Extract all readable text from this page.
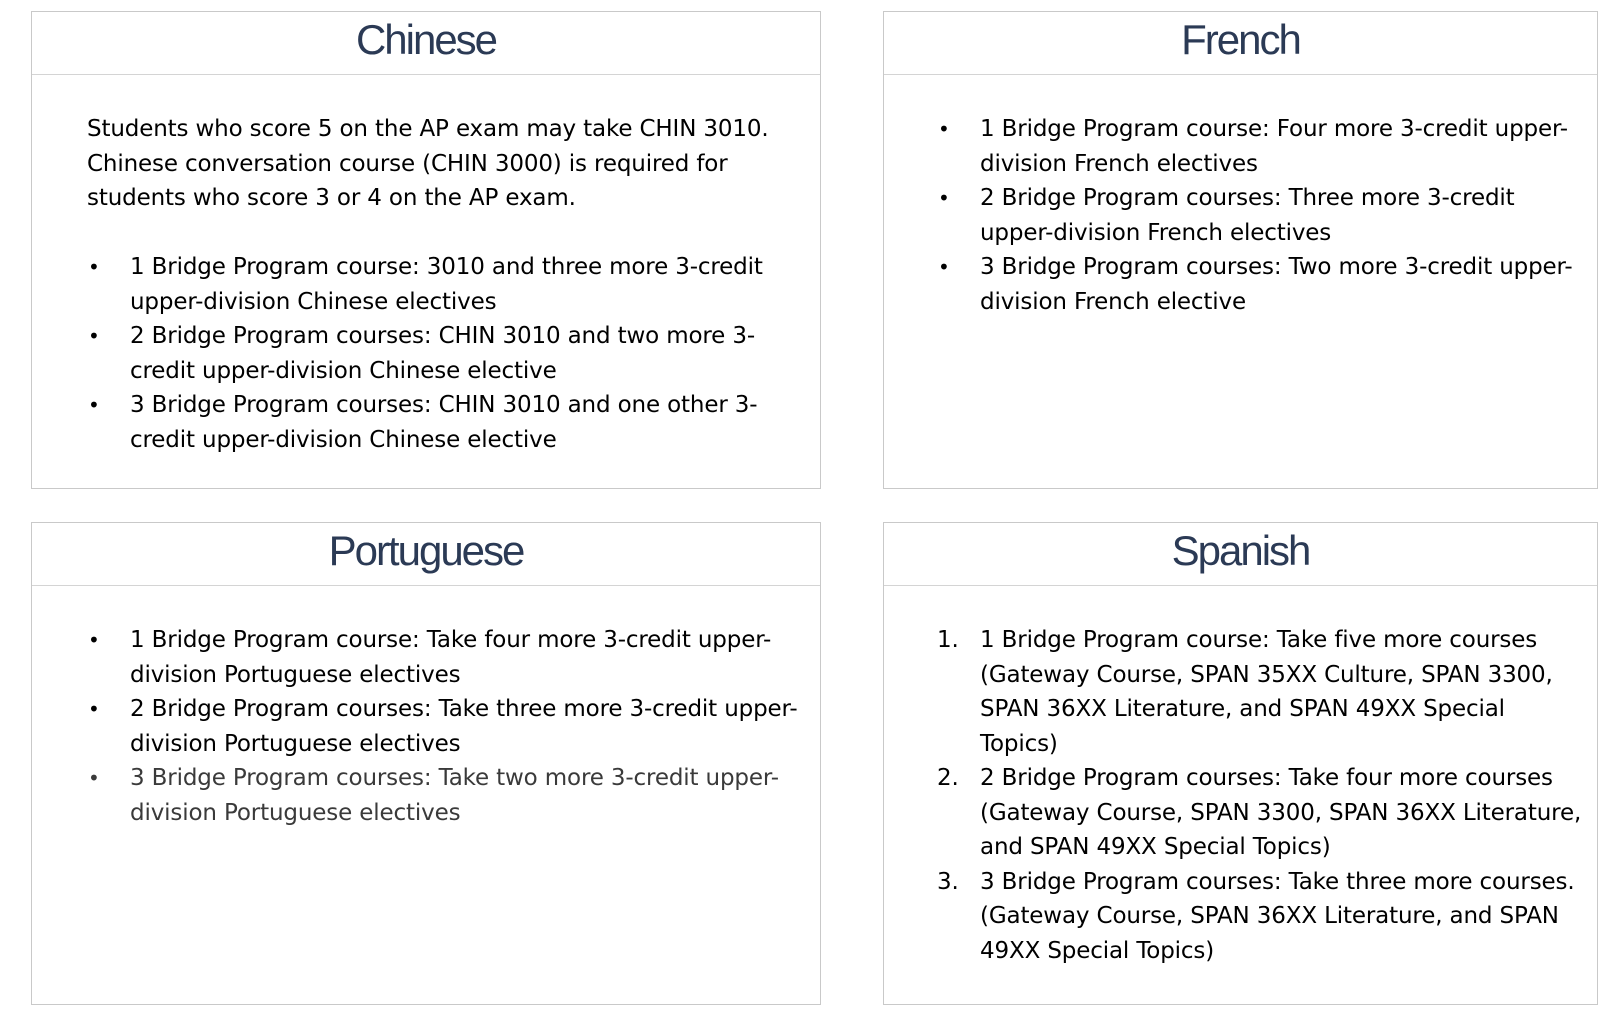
Chinese

Students who score 5 on the AP exam may take CHIN 3010. Chinese conversation course (CHIN 3000) is required for students who score 3 or 4 on the AP exam.

• 1 Bridge Program course: 3010 and three more 3-credit upper-division Chinese electives
• 2 Bridge Program courses: CHIN 3010 and two more 3-credit upper-division Chinese elective
• 3 Bridge Program courses: CHIN 3010 and one other 3-credit upper-division Chinese elective
French
• 1 Bridge Program course: Four more 3-credit upper-division French electives
• 2 Bridge Program courses: Three more 3-credit upper-division French electives
• 3 Bridge Program courses: Two more 3-credit upper-division French elective
Portuguese
• 1 Bridge Program course: Take four more 3-credit upper-division Portuguese electives
• 2 Bridge Program courses: Take three more 3-credit upper-division Portuguese electives
• 3 Bridge Program courses: Take two more 3-credit upper-division Portuguese electives
Spanish
1. 1 Bridge Program course: Take five more courses (Gateway Course, SPAN 35XX Culture, SPAN 3300, SPAN 36XX Literature, and SPAN 49XX Special Topics)
2. 2 Bridge Program courses: Take four more courses (Gateway Course, SPAN 3300, SPAN 36XX Literature, and SPAN 49XX Special Topics)
3. 3 Bridge Program courses: Take three more courses. (Gateway Course, SPAN 36XX Literature, and SPAN 49XX Special Topics)
